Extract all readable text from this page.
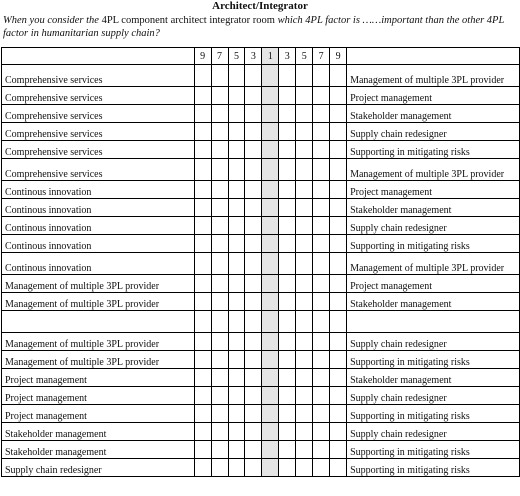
Architect/Integrator
When you consider the 4PL component architect integrator room which 4PL factor is ……important than the other 4PL factor in humanitarian supply chain?
	9	7	5	3	1	3	5	7	9	
Comprehensive services										Management of multiple 3PL provider
Comprehensive services										Project management
Comprehensive services										Stakeholder management
Comprehensive services										Supply chain redesigner
Comprehensive services										Supporting in mitigating risks
Comprehensive services										Management of multiple 3PL provider
Continous innovation										Project management
Continous innovation										Stakeholder management
Continous innovation										Supply chain redesigner
Continous innovation										Supporting in mitigating risks
Continous innovation										Management of multiple 3PL provider
Management of multiple 3PL provider										Project management
Management of multiple 3PL provider										Stakeholder management

Management of multiple 3PL provider										Supply chain redesigner
Management of multiple 3PL provider										Supporting in mitigating risks
Project management										Stakeholder management
Project management										Supply chain redesigner
Project management										Supporting in mitigating risks
Stakeholder management										Supply chain redesigner
Stakeholder management										Supporting in mitigating risks
Supply chain redesigner										Supporting in mitigating risks
